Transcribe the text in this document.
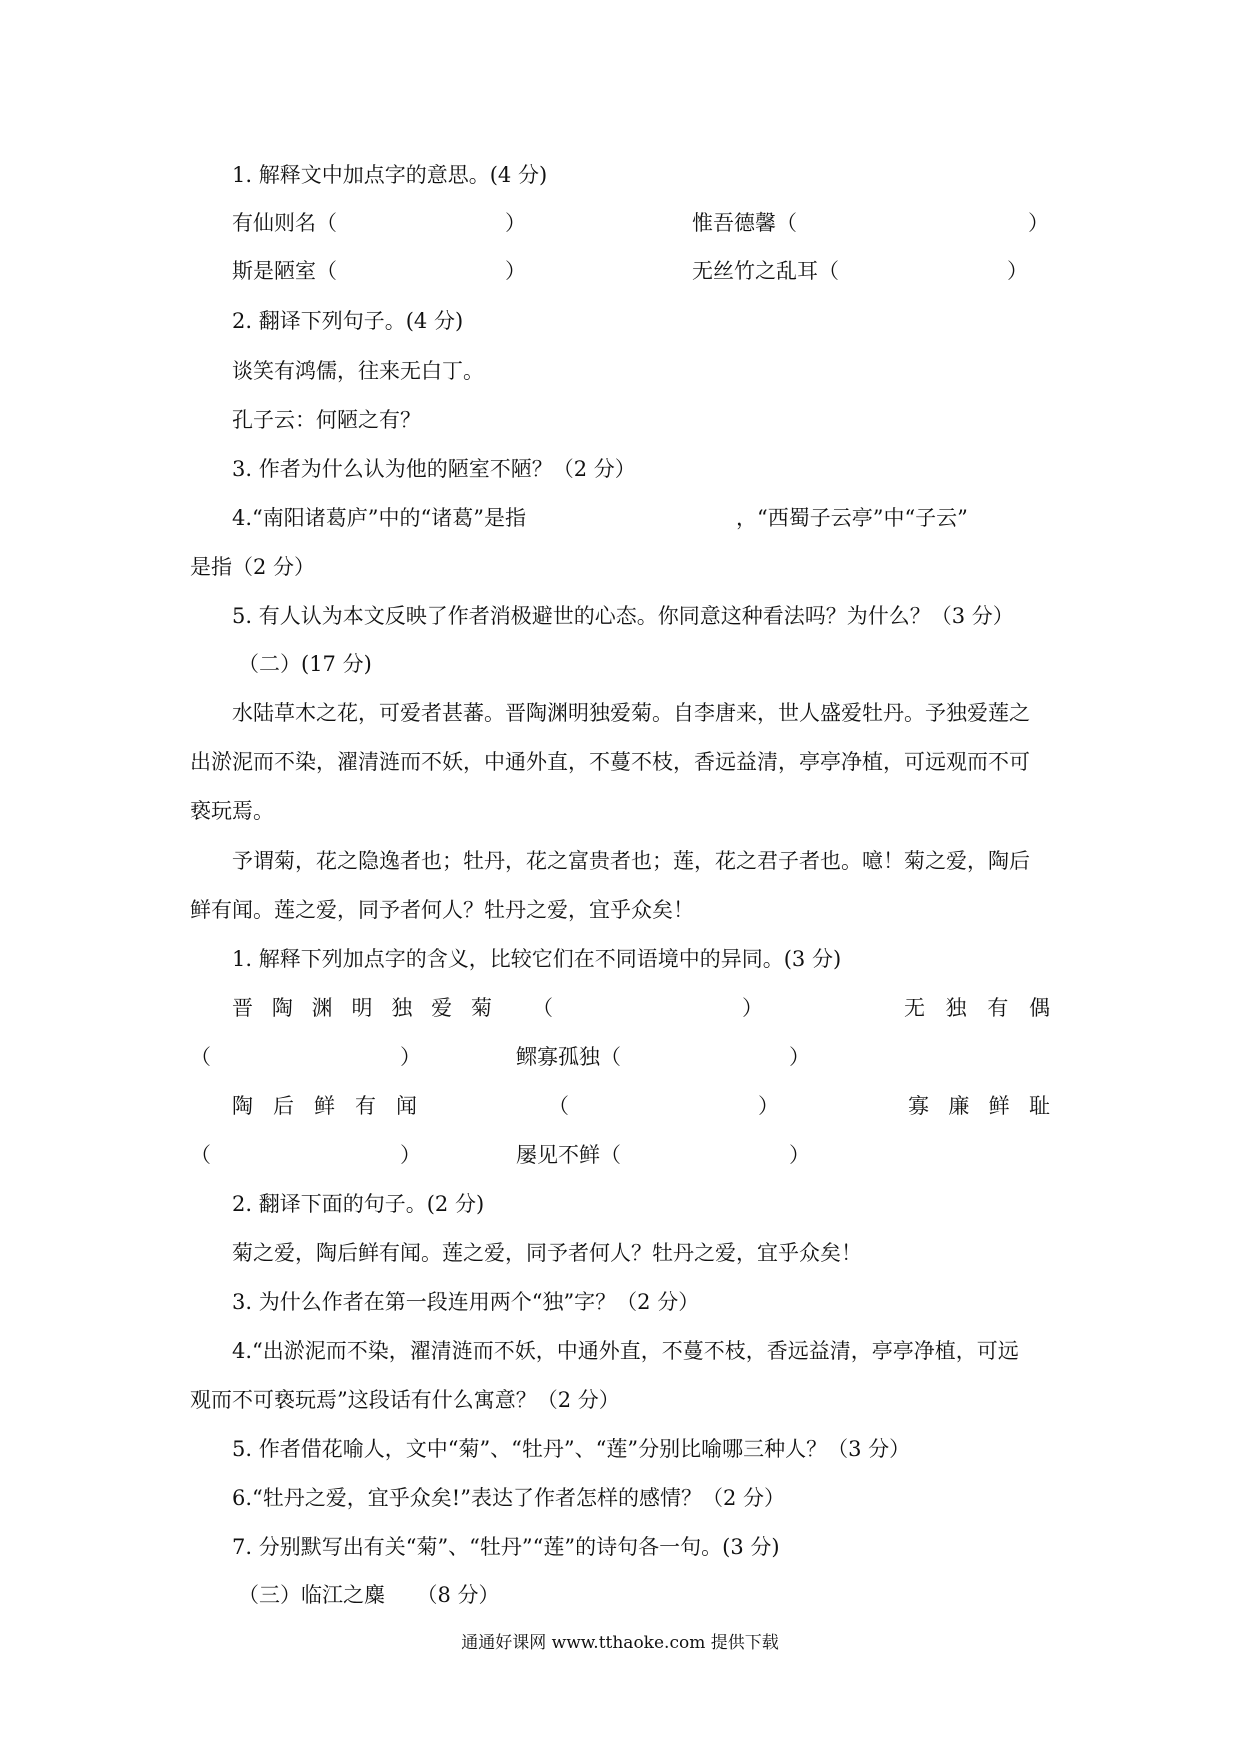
1. 解释文中加点字的意思。(4 分)
有仙则名（　　　　　　　　）	惟吾德馨（　　　　　　　　　　　）
斯是陋室（　　　　　　　　）	无丝竹之乱耳（　　　　　　　　）
2. 翻译下列句子。(4 分)
谈笑有鸿儒，往来无白丁。
孔子云：何陋之有？
3. 作者为什么认为他的陋室不陋？（2 分）
4.“南阳诸葛庐”中的“诸葛”是指　　　　　　　　　　，“西蜀子云亭”中“子云”
是指（2 分）
5. 有人认为本文反映了作者消极避世的心态。你同意这种看法吗？为什么？（3 分）
（二）(17 分)
水陆草木之花，可爱者甚蕃。晋陶渊明独爱菊。自李唐来，世人盛爱牡丹。予独爱莲之
出淤泥而不染，濯清涟而不妖，中通外直，不蔓不枝，香远益清，亭亭净植，可远观而不可
亵玩焉。
予谓菊，花之隐逸者也；牡丹，花之富贵者也；莲，花之君子者也。噫！菊之爱，陶后
鲜有闻。莲之爱，同予者何人？牡丹之爱，宜乎众矣！
1. 解释下列加点字的含义，比较它们在不同语境中的异同。(3 分)
晋 陶 渊 明 独 爱 菊 （　　　　　　　　　）	无 独 有 偶
（　　　　　　　　　）	鳏寡孤独（　　　　　　　　）
陶 后 鲜 有 闻	（　　　　　　　　　）	寡 廉 鲜 耻
（　　　　　　　　　）	屡见不鲜（　　　　　　　　）
2. 翻译下面的句子。(2 分)
菊之爱，陶后鲜有闻。莲之爱，同予者何人？牡丹之爱，宜乎众矣！
3. 为什么作者在第一段连用两个“独”字？（2 分）
4.“出淤泥而不染，濯清涟而不妖，中通外直，不蔓不枝，香远益清，亭亭净植，可远
观而不可亵玩焉”这段话有什么寓意？（2 分）
5. 作者借花喻人，文中“菊”、“牡丹”、“莲”分别比喻哪三种人？（3 分）
6.“牡丹之爱，宜乎众矣!”表达了作者怎样的感情？（2 分）
7. 分别默写出有关“菊”、“牡丹”“莲”的诗句各一句。(3 分)
（三）临江之麋　　（8 分）
通通好课网 www.tthaoke.com 提供下载
